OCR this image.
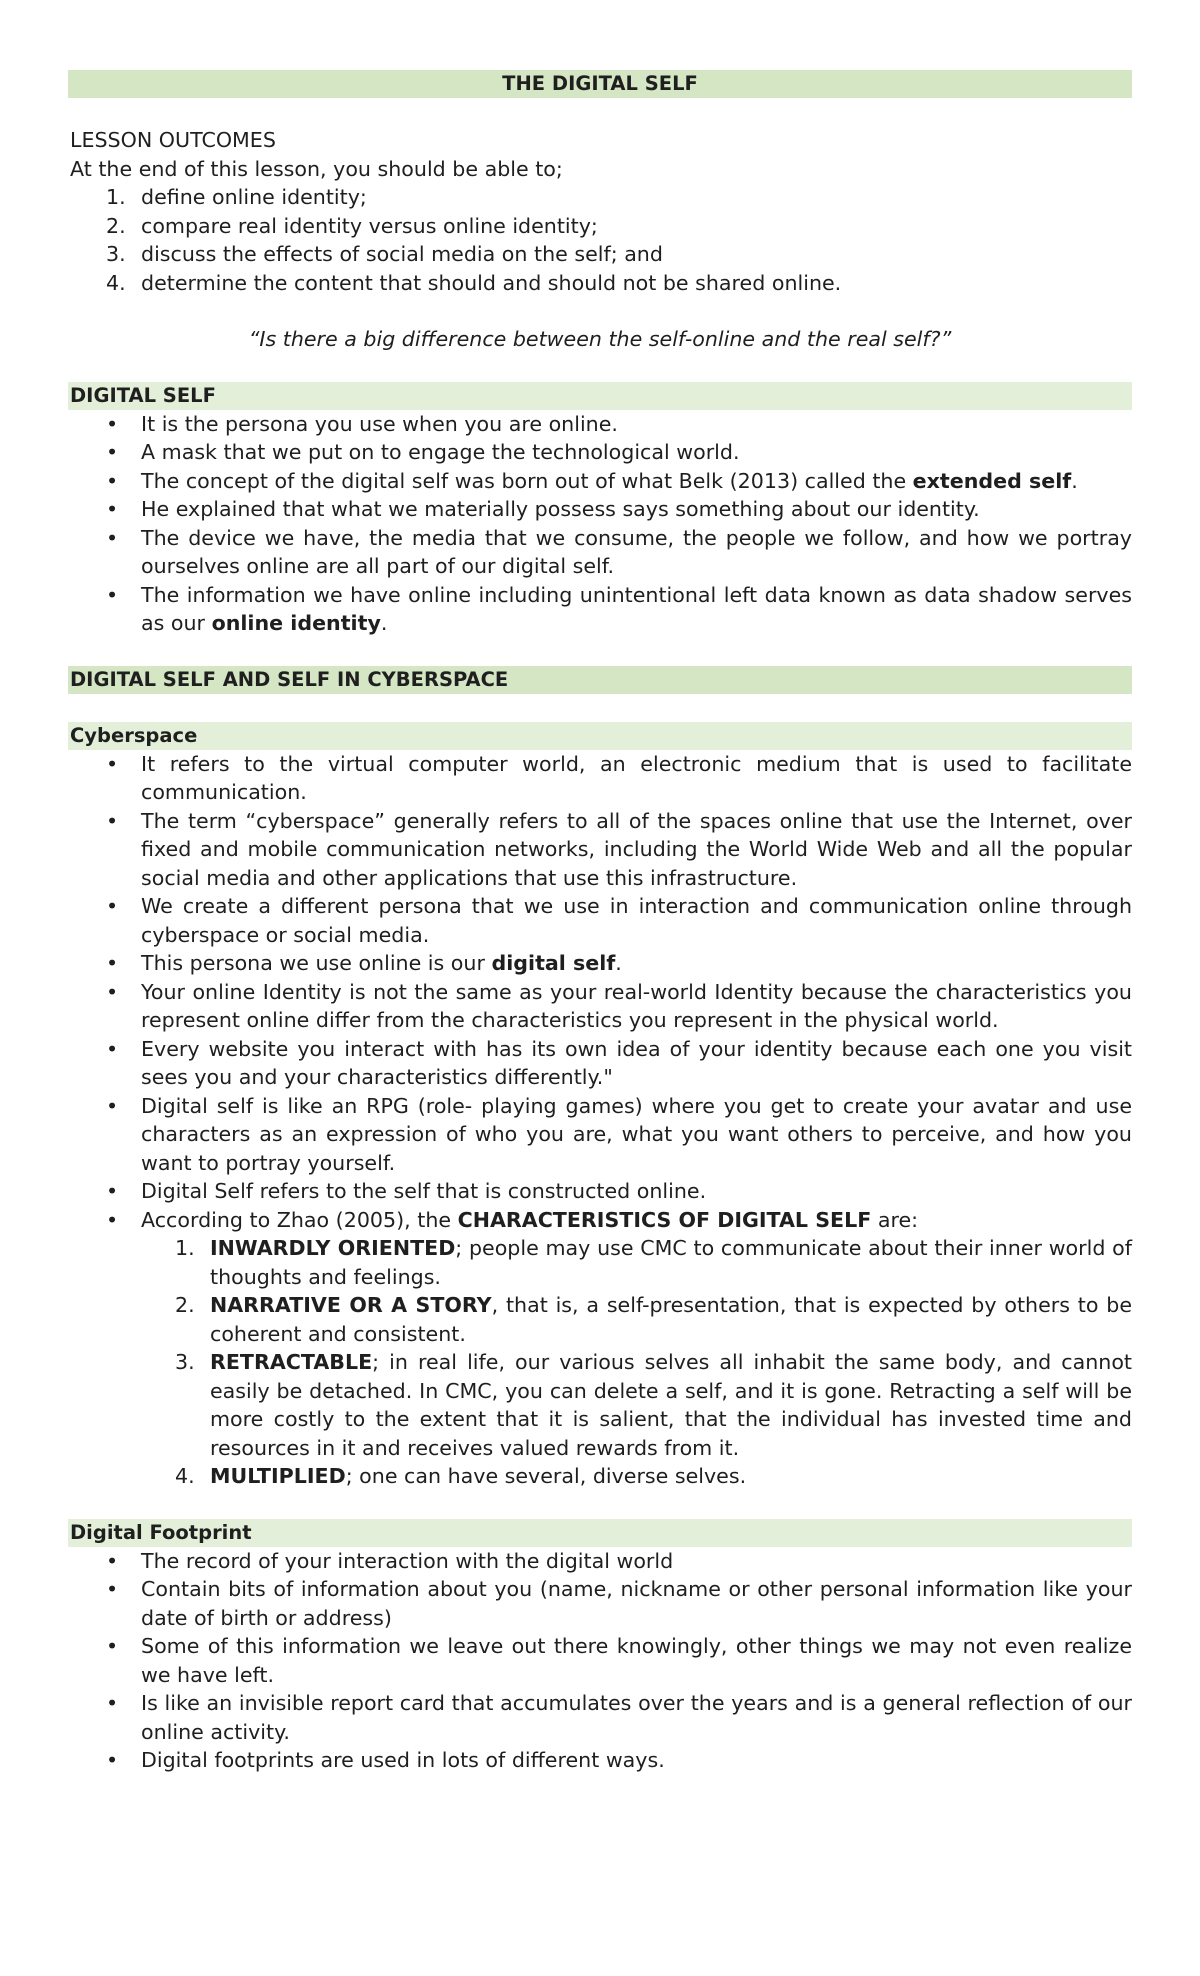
THE DIGITAL SELF
LESSON OUTCOMES
At the end of this lesson, you should be able to;
1. define online identity;
2. compare real identity versus online identity;
3. discuss the effects of social media on the self; and
4. determine the content that should and should not be shared online.
“Is there a big difference between the self-online and the real self?”
DIGITAL SELF
• It is the persona you use when you are online.
• A mask that we put on to engage the technological world.
• The concept of the digital self was born out of what Belk (2013) called the extended self.
• He explained that what we materially possess says something about our identity.
• The device we have, the media that we consume, the people we follow, and how we portray ourselves online are all part of our digital self.
• The information we have online including unintentional left data known as data shadow serves as our online identity.
DIGITAL SELF AND SELF IN CYBERSPACE
Cyberspace
• It refers to the virtual computer world, an electronic medium that is used to facilitate communication.
• The term “cyberspace” generally refers to all of the spaces online that use the Internet, over fixed and mobile communication networks, including the World Wide Web and all the popular social media and other applications that use this infrastructure.
• We create a different persona that we use in interaction and communication online through cyberspace or social media.
• This persona we use online is our digital self.
• Your online Identity is not the same as your real-world Identity because the characteristics you represent online differ from the characteristics you represent in the physical world.
• Every website you interact with has its own idea of your identity because each one you visit sees you and your characteristics differently."
• Digital self is like an RPG (role- playing games) where you get to create your avatar and use characters as an expression of who you are, what you want others to perceive, and how you want to portray yourself.
• Digital Self refers to the self that is constructed online.
• According to Zhao (2005), the CHARACTERISTICS OF DIGITAL SELF are:
1. INWARDLY ORIENTED; people may use CMC to communicate about their inner world of thoughts and feelings.
2. NARRATIVE OR A STORY, that is, a self-presentation, that is expected by others to be coherent and consistent.
3. RETRACTABLE; in real life, our various selves all inhabit the same body, and cannot easily be detached. In CMC, you can delete a self, and it is gone. Retracting a self will be more costly to the extent that it is salient, that the individual has invested time and resources in it and receives valued rewards from it.
4. MULTIPLIED; one can have several, diverse selves.
Digital Footprint
• The record of your interaction with the digital world
• Contain bits of information about you (name, nickname or other personal information like your date of birth or address)
• Some of this information we leave out there knowingly, other things we may not even realize we have left.
• Is like an invisible report card that accumulates over the years and is a general reflection of our online activity.
• Digital footprints are used in lots of different ways.
